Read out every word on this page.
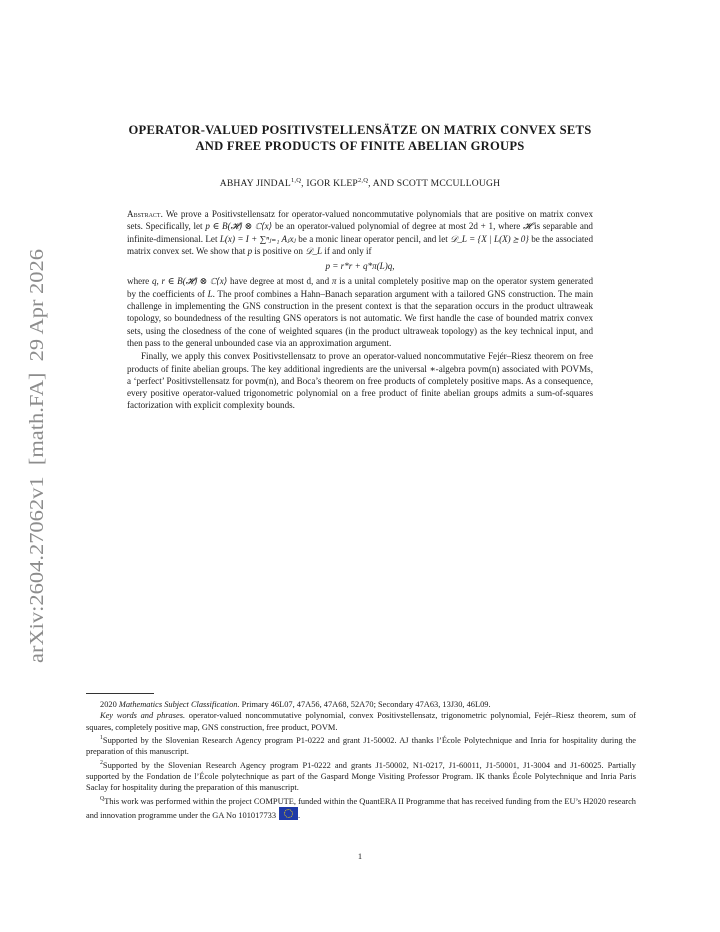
arXiv:2604.27062v1  [math.FA]  29 Apr 2026
OPERATOR-VALUED POSITIVSTELLENSÄTZE ON MATRIX CONVEX SETS
AND FREE PRODUCTS OF FINITE ABELIAN GROUPS
ABHAY $JINDAL^{1,Q}$, IGOR $KLEP^{2,Q}$, AND SCOTT MCCULLOUGH

Abstract. We prove a Positivstellensatz for operator-valued noncommutative polynomials that are positive on matrix convex sets. Specifically, let p ∈ B(𝓗) ⊗ ℂ⟨x⟩ be an operator-valued polynomial of degree at most 2d + 1, where 𝓗 is separable and infinite-dimensional. Let L(x) = I + ∑ⁿⱼ₌₁ Aⱼxⱼ be a monic linear operator pencil, and let 𝒟_L = {X | L(X) ⪰ 0} be the associated matrix convex set. We show that p is positive on 𝒟_L if and only if

p = r*r + q*π(L)q,

where q, r ∈ B(𝓗) ⊗ ℂ⟨x⟩ have degree at most d, and π is a unital completely positive map on the operator system generated by the coefficients of L. The proof combines a Hahn–Banach separation argument with a tailored GNS construction. The main challenge in implementing the GNS construction in the present context is that the separation occurs in the product ultraweak topology, so boundedness of the resulting GNS operators is not automatic. We first handle the case of bounded matrix convex sets, using the closedness of the cone of weighted squares (in the product ultraweak topology) as the key technical input, and then pass to the general unbounded case via an approximation argument.

Finally, we apply this convex Positivstellensatz to prove an operator-valued noncommutative Fejér–Riesz theorem on free products of finite abelian groups. The key additional ingredients are the universal ∗-algebra povm(n) associated with POVMs, a ‘perfect’ Positivstellensatz for povm(n), and Boca’s theorem on free products of completely positive maps. As a consequence, every positive operator-valued trigonometric polynomial on a free product of finite abelian groups admits a sum-of-squares factorization with explicit complexity bounds.

2020 Mathematics Subject Classification. Primary 46L07, 47A56, 47A68, 52A70; Secondary 47A63, 13J30, 46L09.

Key words and phrases. operator-valued noncommutative polynomial, convex Positivstellensatz, trigonometric polynomial, Fejér–Riesz theorem, sum of squares, completely positive map, GNS construction, free product, POVM.

$^1$Supported by the Slovenian Research Agency program P1-0222 and grant J1-50002. AJ thanks l’École Polytechnique and Inria for hospitality during the preparation of this manuscript.

$^2$Supported by the Slovenian Research Agency program P1-0222 and grants J1-50002, N1-0217, J1-60011, J1-50001, J1-3004 and J1-60025. Partially supported by the Fondation de l’École polytechnique as part of the Gaspard Monge Visiting Professor Program. IK thanks École Polytechnique and Inria Paris Saclay for hospitality during the preparation of this manuscript.

$^Q$This work was performed within the project COMPUTE, funded within the QuantERA II Programme that has received funding from the EU’s H2020 research and innovation programme under the GA No 101017733	.

1
